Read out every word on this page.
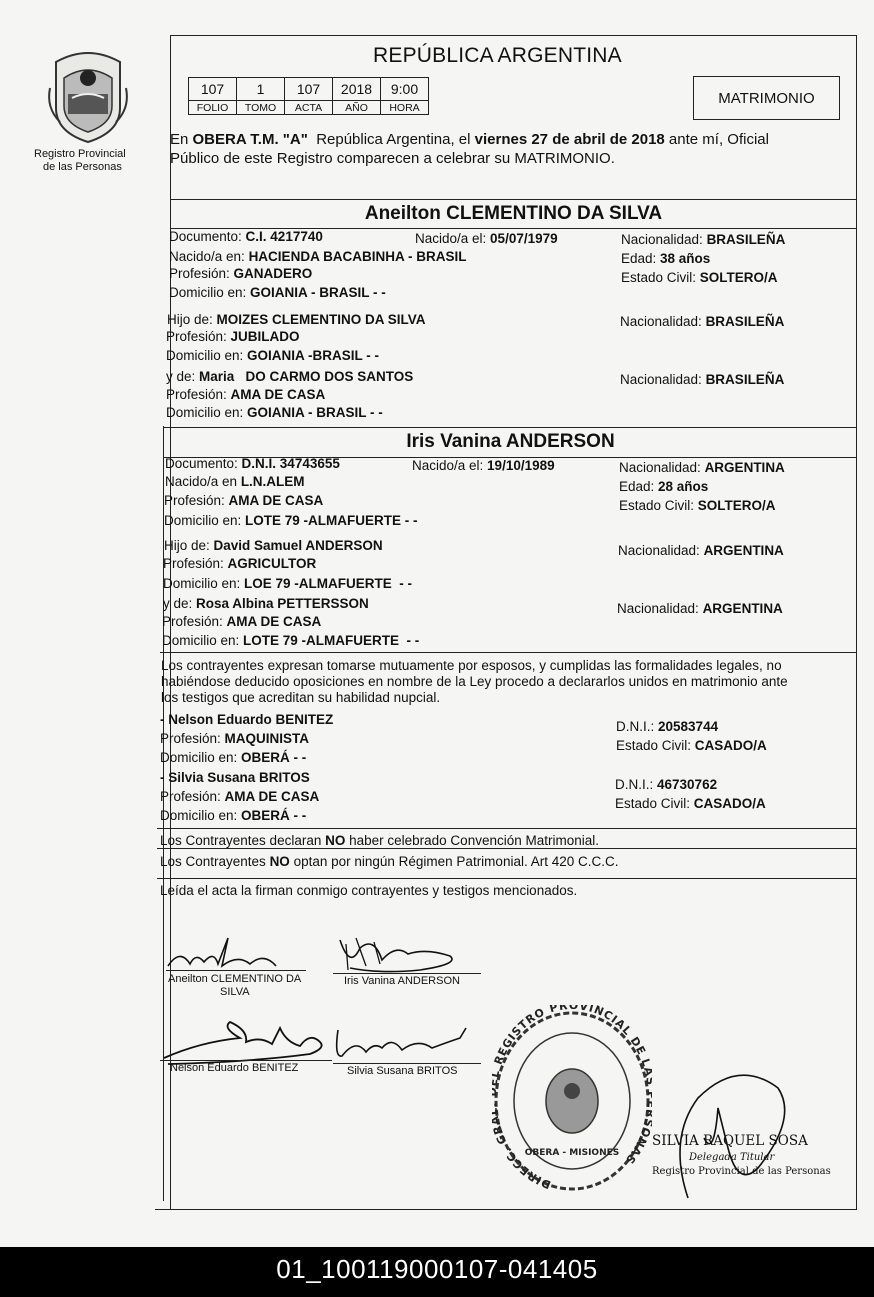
Registro Provincial
de las Personas
REPÚBLICA ARGENTINA
107	1	107	2018	9:00
FOLIO	TOMO	ACTA	AÑO	HORA
MATRIMONIO
En OBERA T.M. "A"  República Argentina, el viernes 27 de abril de 2018 ante mí, Oficial
Público de este Registro comparecen a celebrar su MATRIMONIO.
Aneilton CLEMENTINO DA SILVA
Documento: C.I. 4217740	Nacido/a el: 05/07/1979	Nacionalidad: BRASILEÑA
Nacido/a en: HACIENDA BACABINHA - BRASIL	Edad: 38 años
Profesión: GANADERO	Estado Civil: SOLTERO/A
Domicilio en: GOIANIA - BRASIL - -
Hijo de: MOIZES CLEMENTINO DA SILVA	Nacionalidad: BRASILEÑA
Profesión: JUBILADO
Domicilio en: GOIANIA -BRASIL - -
y de: Maria   DO CARMO DOS SANTOS	Nacionalidad: BRASILEÑA
Profesión: AMA DE CASA
Domicilio en: GOIANIA - BRASIL - -
Iris Vanina ANDERSON
Documento: D.N.I. 34743655	Nacido/a el: 19/10/1989	Nacionalidad: ARGENTINA
Nacido/a en L.N.ALEM	Edad: 28 años
Profesión: AMA DE CASA	Estado Civil: SOLTERO/A
Domicilio en: LOTE 79 -ALMAFUERTE - -
Hijo de: David Samuel ANDERSON	Nacionalidad: ARGENTINA
Profesión: AGRICULTOR
Domicilio en: LOE 79 -ALMAFUERTE  - -
y de: Rosa Albina PETTERSSON	Nacionalidad: ARGENTINA
Profesión: AMA DE CASA
Domicilio en: LOTE 79 -ALMAFUERTE  - -
Los contrayentes expresan tomarse mutuamente por esposos, y cumplidas las formalidades legales, no
habiéndose deducido oposiciones en nombre de la Ley procedo a declararlos unidos en matrimonio ante
los testigos que acreditan su habilidad nupcial.
- Nelson Eduardo BENITEZ
Profesión: MAQUINISTA
Domicilio en: OBERÁ - -
D.N.I.: 20583744
Estado Civil: CASADO/A
- Silvia Susana BRITOS
Profesión: AMA DE CASA
Domicilio en: OBERÁ - -
D.N.I.: 46730762
Estado Civil: CASADO/A
Los Contrayentes declaran NO haber celebrado Convención Matrimonial.
Los Contrayentes NO optan por ningún Régimen Patrimonial. Art 420 C.C.C.
Leída el acta la firman conmigo contrayentes y testigos mencionados.
Aneilton CLEMENTINO DA
SILVA
Iris Vanina ANDERSON
Nelson Eduardo BENITEZ	Silvia Susana BRITOS
DIRECC. G REGISTRO PROVINCIAL DE L ONAS
OBERA - MISIONES
SILVIA RAQUEL SOSA
Delegada Titular
Registro Provincial de las Personas
01_100119000107-041405
